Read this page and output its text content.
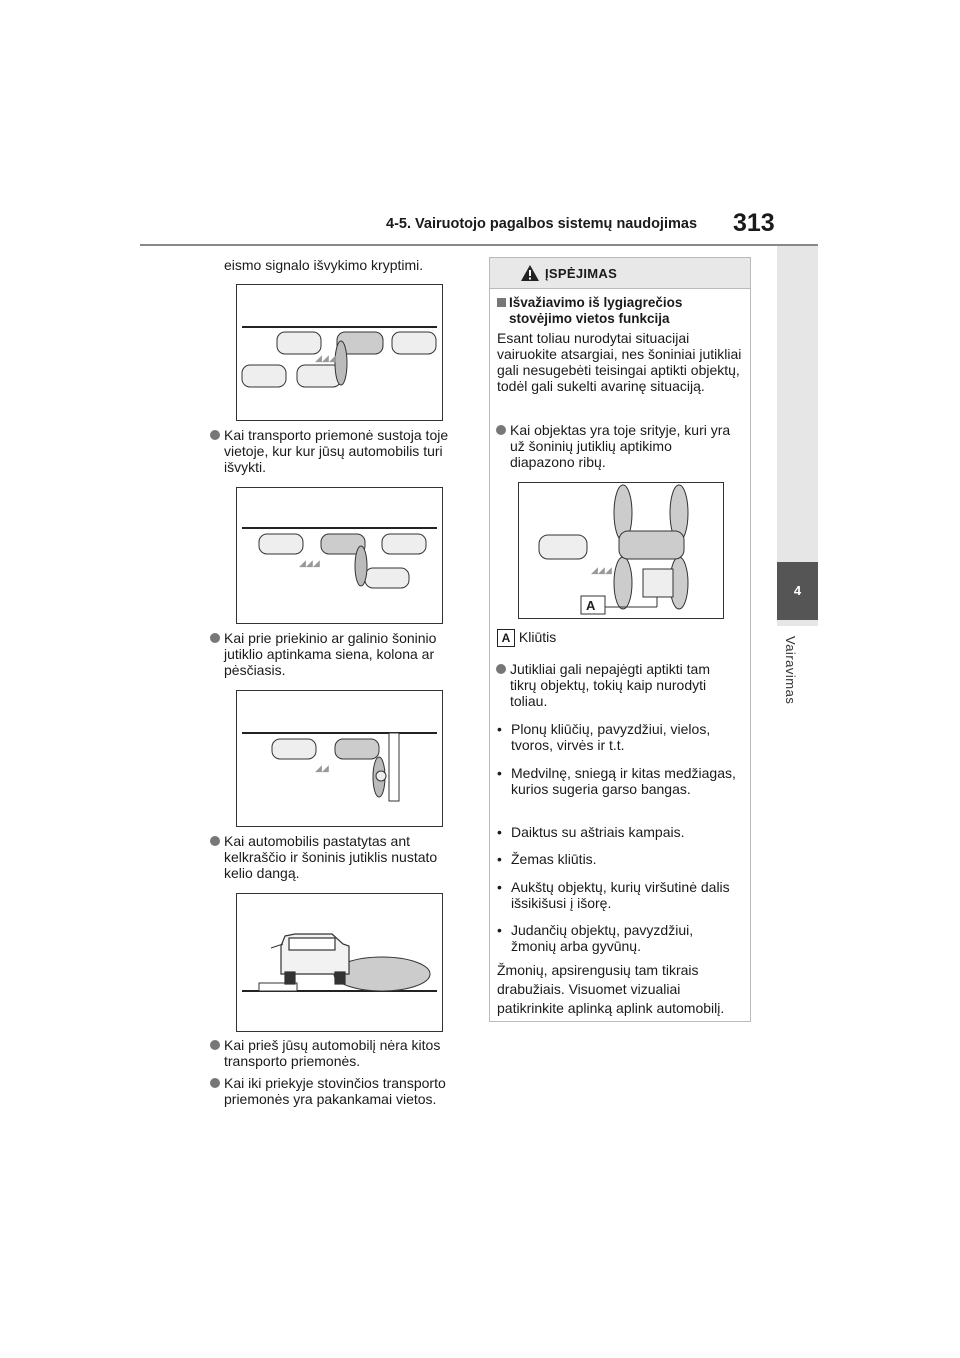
4-5. Vairuotojo pagalbos sistemų naudojimas 313
4
Vairavimas
eismo signalo išvykimo kryptimi.
◢◢◢
Kai transporto priemonė sustoja toje vietoje, kur kur jūsų automobilis turi išvykti.
◢◢◢
Kai prie priekinio ar galinio šoninio jutiklio aptinkama siena, kolona ar pėsčiasis.
◢◢
Kai automobilis pastatytas ant kelkraščio ir šoninis jutiklis nustato kelio dangą.
Kai prieš jūsų automobilį nėra kitos transporto priemonės.
Kai iki priekyje stovinčios transporto priemonės yra pakankamai vietos.
ĮSPĖJIMAS
Išvažiavimo iš lygiagrečios stovėjimo vietos funkcija
Esant toliau nurodytai situacijai vairuokite atsargiai, nes šoniniai jutikliai gali nesugebėti teisingai aptikti objektų, todėl gali sukelti avarinę situaciją.
Kai objektas yra toje srityje, kuri yra už šoninių jutiklių aptikimo diapazono ribų.
A
◢◢◢
A Kliūtis
Jutikliai gali nepajėgti aptikti tam tikrų objektų, tokių kaip nurodyti toliau.
• Plonų kliūčių, pavyzdžiui, vielos, tvoros, virvės ir t.t.
• Medvilnę, sniegą ir kitas medžiagas, kurios sugeria garso bangas.
• Daiktus su aštriais kampais.
• Žemas kliūtis.
• Aukštų objektų, kurių viršutinė dalis išsikišusi į išorę.
• Judančių objektų, pavyzdžiui, žmonių arba gyvūnų.
Žmonių, apsirengusių tam tikrais
drabužiais. Visuomet vizualiai
patikrinkite aplinką aplink automobilį.
